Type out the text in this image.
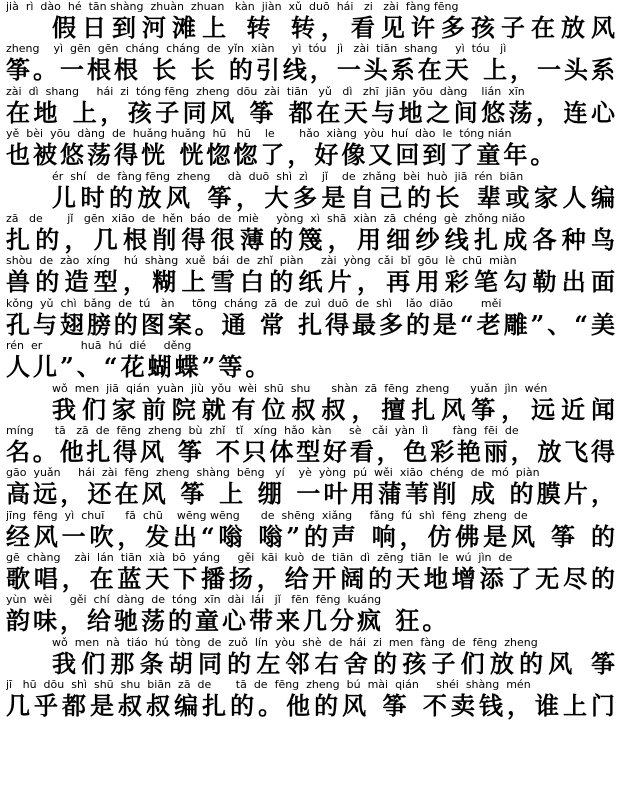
jià  rì  dào  hé  tān shàng  zhuàn  zhuan   kàn  jiàn  xǔ  duō  hái   zi   zài  fàng fēng
假日到河滩上 转 转，看见许多孩子在放风
zheng    yì  gēn  gēn  cháng  cháng  de  yǐn  xiàn     yì  tóu   jì   zài  tiān  shang     yì  tóu   jì
筝。一根根 长 长 的引线，一头系在天 上，一头系
zài  dì  shang     hái  zi  tóng fēng  zheng  dōu  zài  tiān   yǔ   dì   zhī  jiān  yōu  dàng    lián  xīn
在地 上，孩子同风 筝 都在天与地之间悠荡，连心
yě  bèi  yōu  dàng  de  huǎng huǎng  hū   hū    le       hǎo  xiàng  yòu  huí  dào  le  tóng nián
也被悠荡得恍 恍惚惚了，好像又回到了童年。
ér  shí   de  fàng fēng  zheng     dà  duō  shì  zì    jǐ    de  zhǎng  bèi  huò  jiā  rén  biān
儿时的放风 筝，大多是自己的长 辈或家人编
zā   de       jǐ   gēn  xiāo  de  hěn  báo  de  miè     yòng  xì  shā  xiàn  zā  chéng  gè  zhǒng niǎo
扎的，几根削得很薄的篾，用细纱线扎成各种鸟
shòu  de  zào  xíng    hú  shàng  xuě  bái  de  zhǐ  piàn     zài  yòng  cǎi  bǐ  gōu  lè  chū  miàn
兽的造型，糊上雪白的纸片，再用彩笔勾勒出面
kǒng  yǔ  chì  bǎng  de  tú   àn     tōng  cháng  zā  de  zuì  duō  de  shì    lǎo  diāo        měi
孔与翅膀的图案。通 常 扎得最多的是“老雕”、“美
rén  er           huā  hú  dié     děng
人儿”、“花蝴蝶”等。
wǒ  men  jiā  qián  yuàn  jiù  yǒu  wèi  shū  shu      shàn  zā  fēng  zheng      yuǎn  jìn  wén
我们家前院就有位叔叔，擅扎风筝，远近闻
míng      tā   zā  de  fēng  zheng  bù  zhǐ   tǐ   xíng  hǎo  kàn     sè   cǎi  yàn  lì       fàng  fēi  de
名。他扎得风 筝 不只体型好看，色彩艳丽，放飞得
gāo  yuǎn     hái  zài  fēng  zheng  shàng  bēng   yí    yè  yòng  pú  wěi  xiāo  chéng  de  mó  piàn
高远，还在风 筝 上 绷 一叶用蒲苇削 成 的膜片，
jīng  fēng  yì  chuī      fā  chū    wēng wēng      de  shēng  xiǎng     fǎng  fú  shì  fēng  zheng  de
经风一吹，发出“嗡 嗡”的声 响，仿佛是风 筝 的
gē  chàng    zài  lán  tiān  xià  bō  yáng     gěi  kāi  kuò  de  tiān  dì  zēng  tiān  le  wú  jìn  de
歌唱，在蓝天下播扬，给开阔的天地增添了无尽的
yùn  wèi     gěi  chí  dàng  de  tóng  xīn  dài  lái   jǐ   fēn  fēng  kuáng
韵味，给驰荡的童心带来几分疯 狂。
wǒ  men  nà  tiáo  hú  tòng  de  zuǒ  lín  yòu  shè  de  hái  zi  men  fàng  de  fēng  zheng
我们那条胡同的左邻右舍的孩子们放的风 筝
jī   hū  dōu  shì  shū  shu  biān  zā  de       tā  de  fēng  zheng  bú  mài  qián     shéi  shàng  mén
几乎都是叔叔编扎的。他的风 筝 不卖钱，谁上门
